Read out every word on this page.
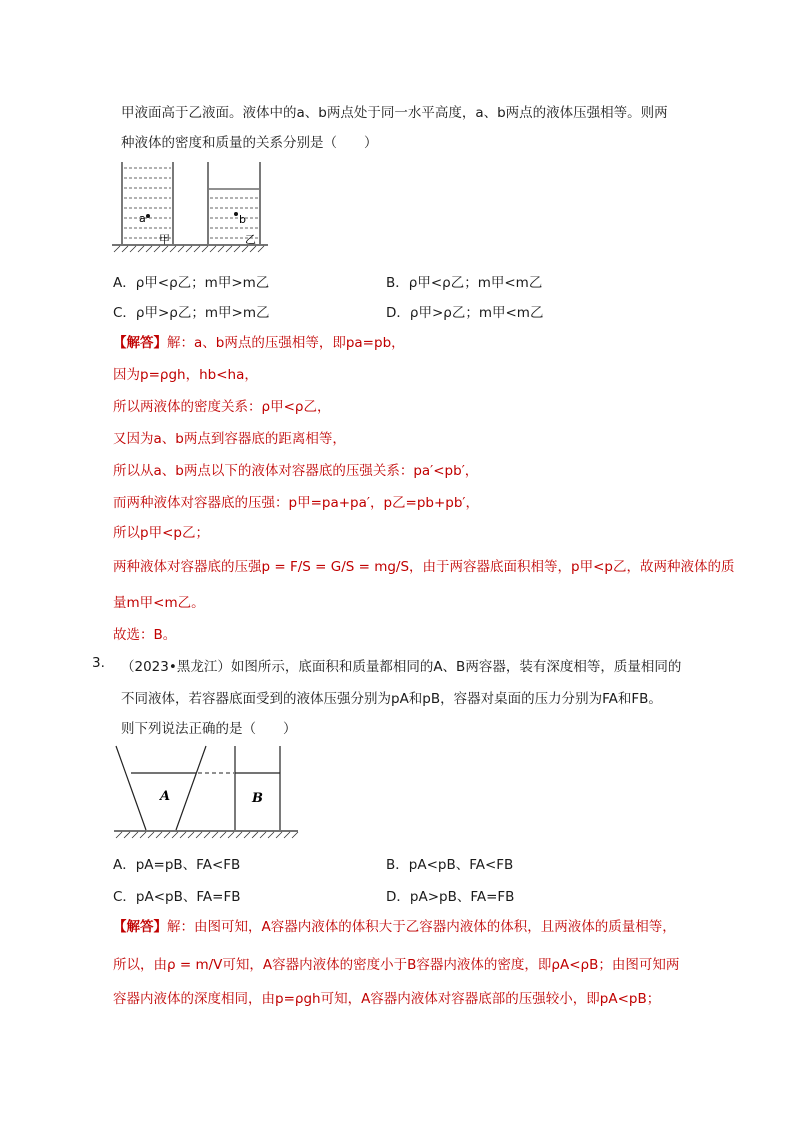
甲液面高于乙液面。液体中的a、b两点处于同一水平高度，a、b两点的液体压强相等。则两
种液体的密度和质量的关系分别是（　　）
a	b
甲	乙
A．ρ甲<ρ乙；m甲>m乙	B．ρ甲<ρ乙；m甲<m乙
C．ρ甲>ρ乙；m甲>m乙	D．ρ甲>ρ乙；m甲<m乙
【解答】解：a、b两点的压强相等，即pa=pb，
因为p=ρgh，hb<ha，
所以两液体的密度关系：ρ甲<ρ乙，
又因为a、b两点到容器底的距离相等，
所以从a、b两点以下的液体对容器底的压强关系：pa′<pb′，
而两种液体对容器底的压强：p甲=pa+pa′，p乙=pb+pb′，
所以p甲<p乙；
两种液体对容器底的压强p = F/S = G/S = mg/S，由于两容器底面积相等，p甲<p乙，故两种液体的质
量m甲<m乙。
故选：B。
3. （2023•黑龙江）如图所示，底面积和质量都相同的A、B两容器，装有深度相等，质量相同的
不同液体，若容器底面受到的液体压强分别为pA和pB，容器对桌面的压力分别为FA和FB。
则下列说法正确的是（　　）
A	B
A．pA=pB、FA<FB	B．pA<pB、FA<FB
C．pA<pB、FA=FB	D．pA>pB、FA=FB
【解答】解：由图可知，A容器内液体的体积大于乙容器内液体的体积，且两液体的质量相等，
所以，由ρ = m/V可知，A容器内液体的密度小于B容器内液体的密度，即ρA<ρB；由图可知两
容器内液体的深度相同，由p=ρgh可知，A容器内液体对容器底部的压强较小，即pA<pB；
